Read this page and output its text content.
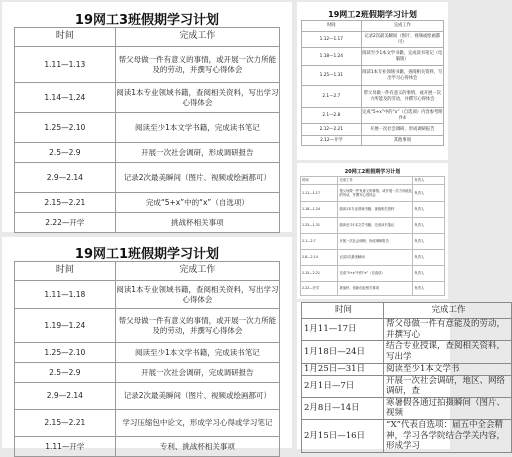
19网工3班假期学习计划
时间	完成工作
1.11—1.13	帮父母做一件有意义的事情，或开展一次力所能及的劳动，并撰写心得体会
1.14—1.24	阅读1本专业领域书籍，查阅相关资料，写出学习心得体会
1.25—2.10	阅读至少1本文学书籍，完成读书笔记
2.5—2.9	开展一次社会调研，形成调研报告
2.9—2.14	记录2次最美瞬间（图片、视频或绘画都可）
2.15—2.21	完成“5+x”中的“x”（自选项）
2.22—开学	挑战杯相关事项
19网工1班假期学习计划
时间	完成工作
1.11—1.18	阅读1本专业领域书籍，查阅相关资料，写出学习心得体会
1.19—1.24	帮父母做一件有意义的事情，或开展一次力所能及的劳动，并撰写心得体会
1.25—2.10	阅读至少1本文学书籍，完成读书笔记
2.5—2.9	开展一次社会调研，完成调研报告
2.9—2.14	记录2次最美瞬间（图片、视频或绘画都可）
2.15—2.21	学习压缩包中论文，形成学习心得或学习笔记
1.11—开学	专利、挑战杯相关事项
19网工2班假期学习计划
时间	完成工作
1.12—1.17	记录2次最美瞬间（图片、视频或绘画都可）
1.18—1.24	阅读至少1本文学书籍，完成读书笔记（电脑版）
1.25—1.31	阅读1本专业领域书籍，查阅相关资料，写出学习心得体会
2.1—2.7	帮父母做一件有意义的事情，或开展一次力所能及的劳动，并撰写心得体会
2.1—2.8	完成“5+x”中的“x”（自选项）内容参考附件4
2.12—2.21	开展一次社会调研，形成调研报告
2.12—开学	其他事项
20网工2班假期学习计划
时间	完成工作	负责人
1.11—1.17	帮父母做一件有意义的事情，或开展一次力所能及的劳动，并撰写心得体会	负责人
1.18—1.24	阅读1本专业领域书籍，查阅相关资料	负责人
1.25—1.31	阅读至少1本文学书籍，完成读书笔记	负责人
2.1—2.7	开展一次社会调研，形成调研报告	负责人
2.8—2.14	记录2次最美瞬间	负责人
2.15—2.21	完成“5+x”中的“x”（自选项）	负责人
2.22—开学	挑战杯、创新创业相关事项	负责人
时间	完成工作
1月11—17日	帮父母做一件有意能及的劳动，并撰写心
1月18日—24日	结合专业授课，查阅相关资料，写出学
1月25日—31日	阅读至少1本文学书
2月1日—7日	开展一次社会调研，地区、网络调研，查
2月8日—14日	寒暑假各通过拍摄瞬间（图片、视频
2月15日—16日	“X”代表自选项：届五中全会精神，学习各学院结合学关内容，形成学习
